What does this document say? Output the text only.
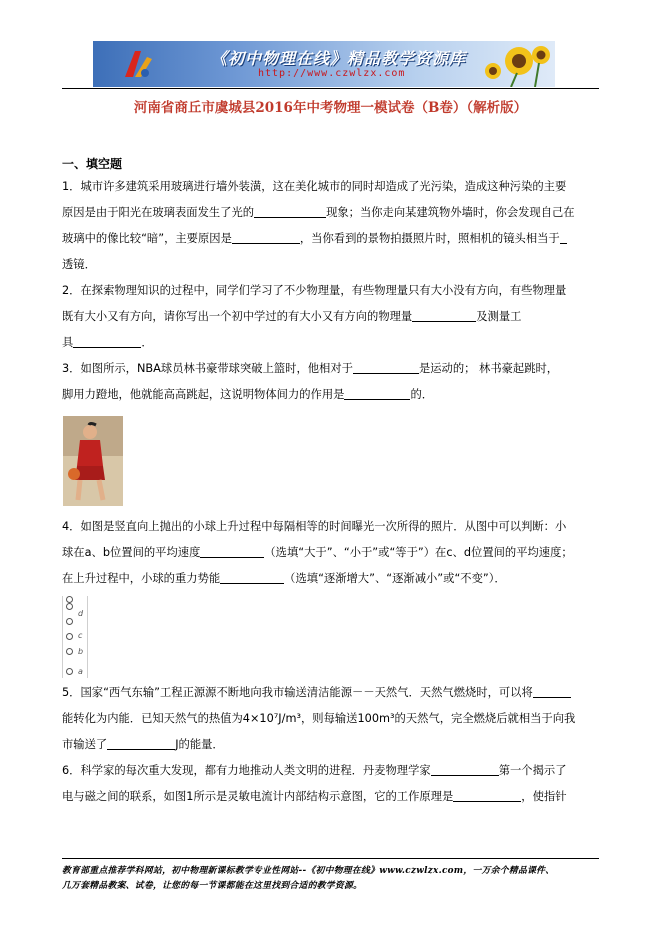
《初中物理在线》精品教学资源库
http://www.czwlzx.com
河南省商丘市虞城县2016年中考物理一模试卷（B卷）（解析版）
一、填空题
1．城市许多建筑采用玻璃进行墙外装潢，这在美化城市的同时却造成了光污染，造成这种污染的主要
原因是由于阳光在玻璃表面发生了光的	现象；当你走向某建筑物外墙时，你会发现自己在
玻璃中的像比较“暗”，主要原因是	，当你看到的景物拍摄照片时，照相机的镜头相当于
透镜．
2．在探索物理知识的过程中，同学们学习了不少物理量，有些物理量只有大小没有方向，有些物理量
既有大小又有方向，请你写出一个初中学过的有大小又有方向的物理量	及测量工
具	．
3．如图所示，NBA球员林书豪带球突破上篮时，他相对于	是运动的； 林书豪起跳时，
脚用力蹬地，他就能高高跳起，这说明物体间力的作用是	的．
4．如图是竖直向上抛出的小球上升过程中每隔相等的时间曝光一次所得的照片．从图中可以判断：小
球在a、b位置间的平均速度	（选填“大于”、“小于”或“等于”）在c、d位置间的平均速度；
在上升过程中，小球的重力势能	（选填“逐渐增大”、“逐渐减小”或“不变”）．
d
c
b
a
5．国家“西气东输”工程正源源不断地向我市输送清洁能源－－天然气．天然气燃烧时，可以将
能转化为内能．已知天然气的热值为4×10⁷J/m³，则每输送100m³的天然气，完全燃烧后就相当于向我
市输送了	J的能量．
6．科学家的每次重大发现，都有力地推动人类文明的进程．丹麦物理学家	第一个揭示了
电与磁之间的联系，如图1所示是灵敏电流计内部结构示意图，它的工作原理是	，使指针
教育部重点推荐学科网站，初中物理新课标教学专业性网站--《初中物理在线》www.czwlzx.com，一万余个精品课件、
几万套精品教案、试卷，让您的每一节课都能在这里找到合适的教学资源。
